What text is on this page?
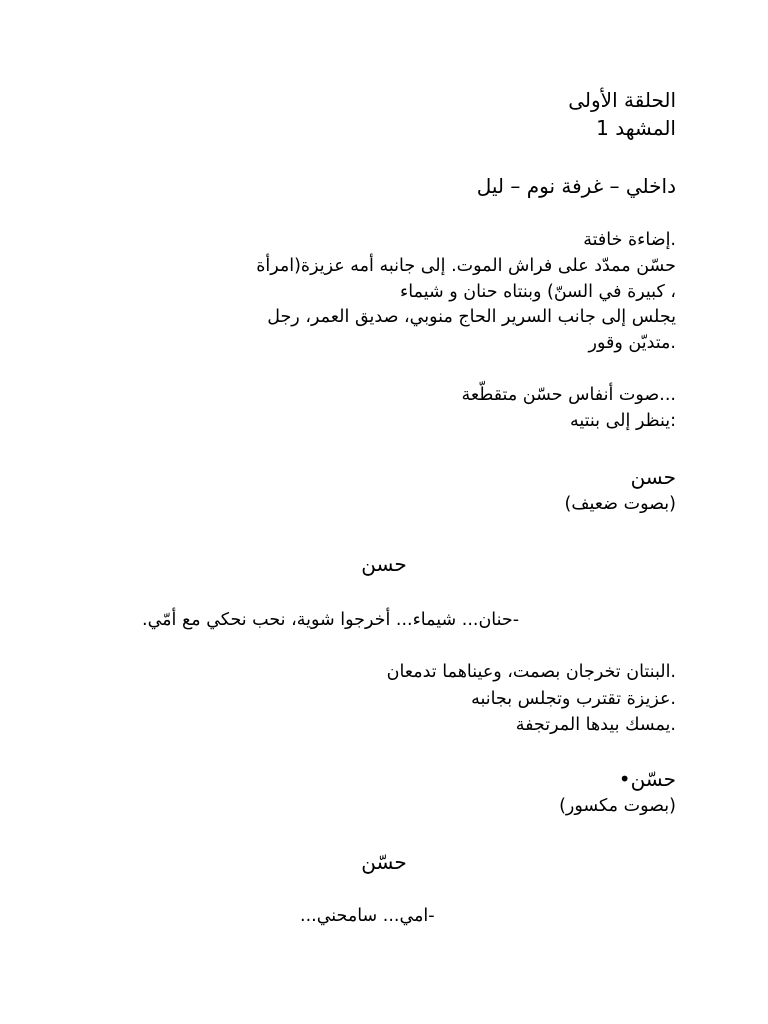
الحلقة الأولى
المشهد 1
داخلي – غرفة نوم – ليل
.إضاءة خافتة
حسّن ممدّد على فراش الموت. إلى جانبه أمه عزيزة(امرأة
، كبيرة في السنّ) وبنتاه حنان و شيماء
يجلس إلى جانب السرير الحاج منوبي، صديق العمر، رجل
.متديّن وقور
...صوت أنفاس حسّن متقطّعة
:ينظر إلى بنتيه
حسن
(بصوت ضعيف)
حسن
-حنان... شيماء... أخرجوا شوية، نحب نحكي مع أمّي.
.البنتان تخرجان بصمت، وعيناهما تدمعان
.عزيزة تقترب وتجلس بجانبه
.يمسك بيدها المرتجفة
حسّن•
(بصوت مكسور)
حسّن
-امي... سامحني...
